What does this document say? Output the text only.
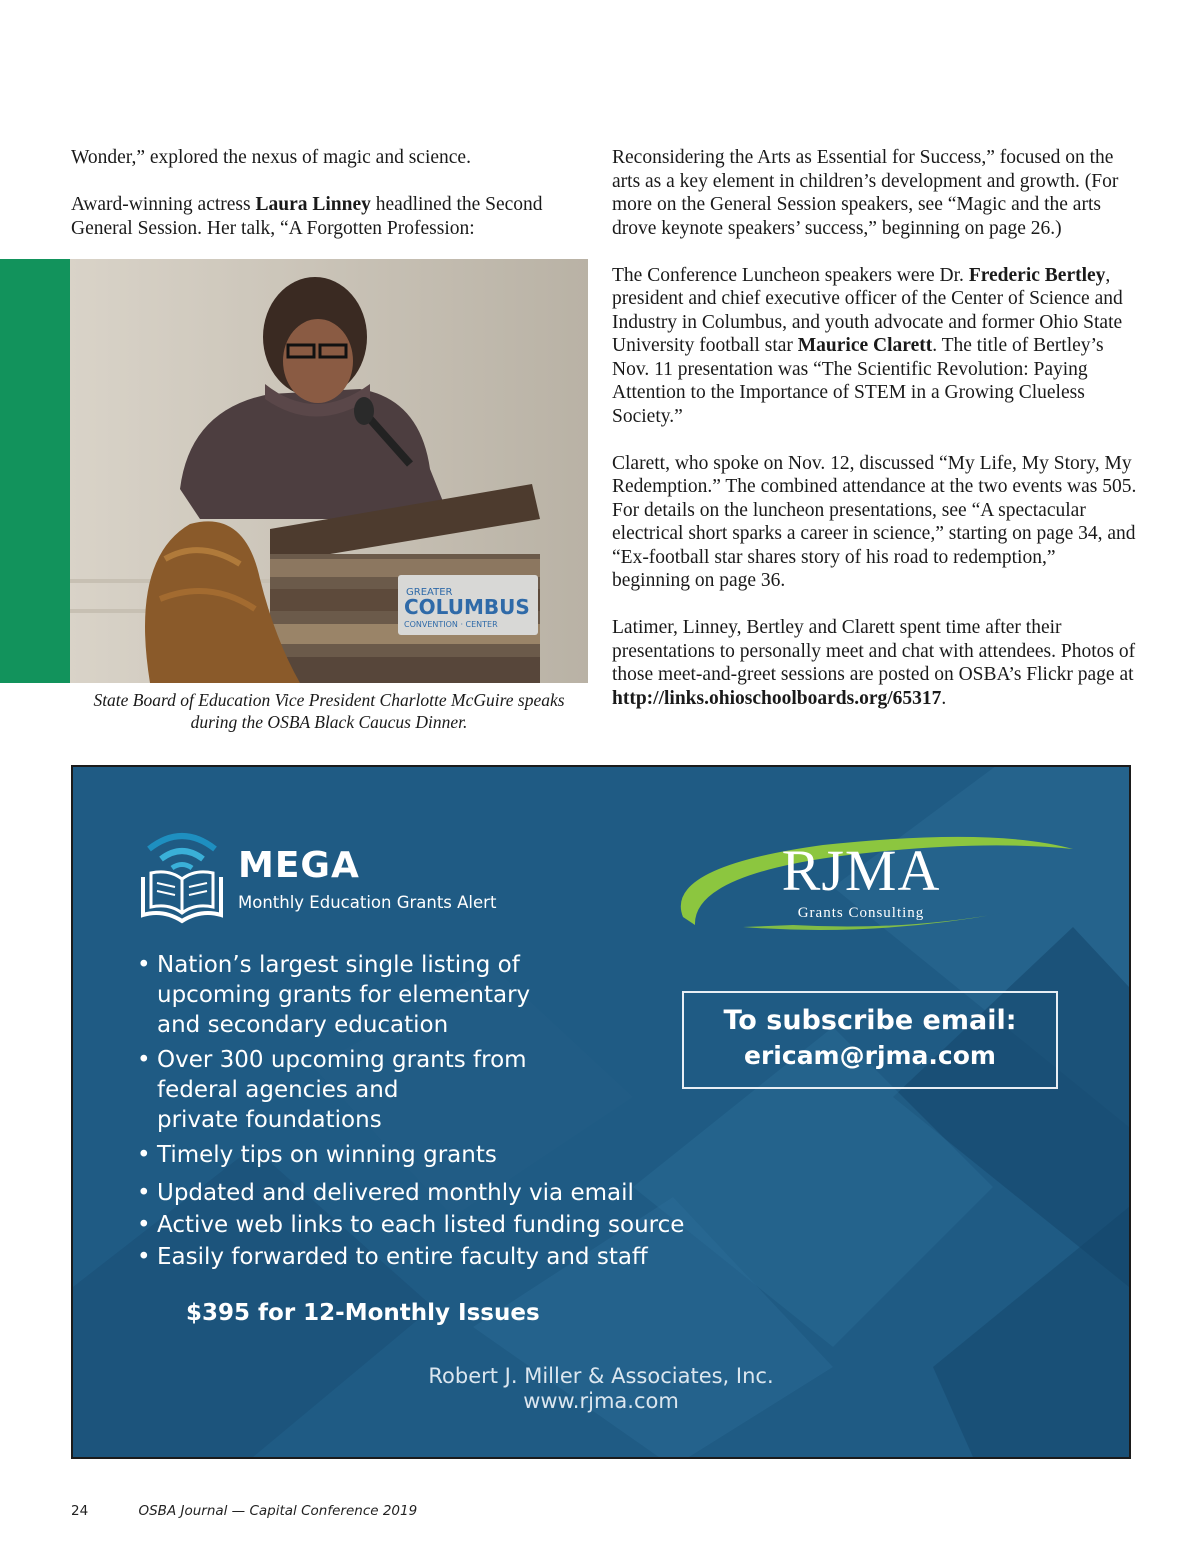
Wonder,” explored the nexus of magic and science.

Award-winning actress Laura Linney headlined the Second General Session. Her talk, “A Forgotten Profession:

GREATER
COLUMBUS
CONVENTION · CENTER
State Board of Education Vice President Charlotte McGuire speaks
during the OSBA Black Caucus Dinner.

Reconsidering the Arts as Essential for Success,” focused on the arts as a key element in children’s development and growth. (For more on the General Session speakers, see “Magic and the arts drove keynote speakers’ success,” beginning on page 26.)

The Conference Luncheon speakers were Dr. Frederic Bertley, president and chief executive officer of the Center of Science and Industry in Columbus, and youth advocate and former Ohio State University football star Maurice Clarett. The title of Bertley’s Nov. 11 presentation was “The Scientific Revolution: Paying Attention to the Importance of STEM in a Growing Clueless Society.”

Clarett, who spoke on Nov. 12, discussed “My Life, My Story, My Redemption.” The combined attendance at the two events was 505. For details on the luncheon presentations, see “A spectacular electrical short sparks a career in science,” starting on page 34, and “Ex-football star shares story of his road to redemption,” beginning on page 36.

Latimer, Linney, Bertley and Clarett spent time after their presentations to personally meet and chat with attendees. Photos of those meet-and-greet sessions are posted on OSBA’s Flickr page at http://links.ohioschoolboards.org/65317.

MEGA
Monthly Education Grants Alert	RJMA
Grants Consulting
• Nation’s largest single listing of
upcoming grants for elementary
and secondary education
• Over 300 upcoming grants from
federal agencies and
private foundations
• Timely tips on winning grants
• Updated and delivered monthly via email
• Active web links to each listed funding source
• Easily forwarded to entire faculty and staff
To subscribe email:
ericam@rjma.com
$395 for 12-Monthly Issues
Robert J. Miller & Associates, Inc.
www.rjma.com
24	OSBA Journal — Capital Conference 2019
